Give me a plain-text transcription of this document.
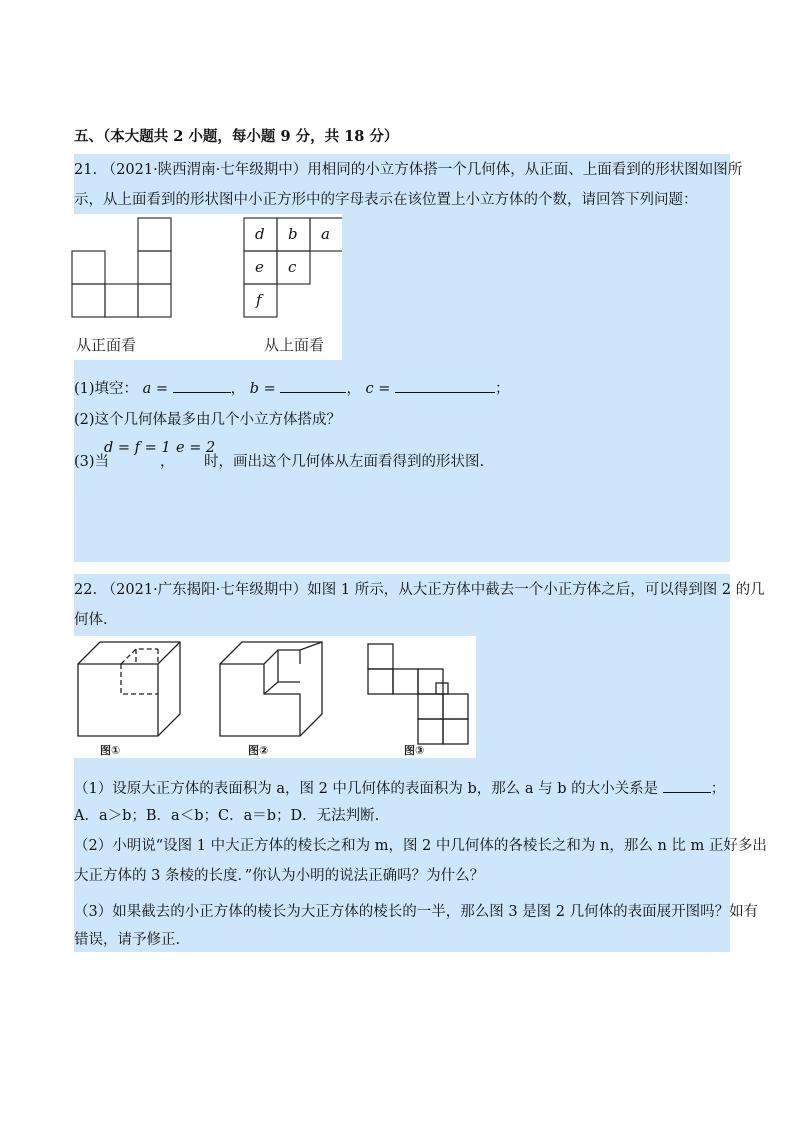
五、（本大题共 2 小题，每小题 9 分，共 18 分）
21. （2021·陕西渭南·七年级期中）用相同的小立方体搭一个几何体，从正面、上面看到的形状图如图所
示，从上面看到的形状图中小正方形中的字母表示在该位置上小立方体的个数，请回答下列问题：
d b a
e c
f
从正面看	从上面看
(1)填空： a =	， b =	， c =	；
(2)这个几何体最多由几个小立方体搭成？
(3)当
d = f = 1
，
e = 2
时，画出这个几何体从左面看得到的形状图.
22. （2021·广东揭阳·七年级期中）如图 1 所示，从大正方体中截去一个小正方体之后，可以得到图 2 的几
何体.
图①	图②	图③
（1）设原大正方体的表面积为 a，图 2 中几何体的表面积为 b，那么 a 与 b 的大小关系是	；
A．a＞b；B．a＜b；C．a＝b；D．无法判断.
（2）小明说“设图 1 中大正方体的棱长之和为 m，图 2 中几何体的各棱长之和为 n，那么 n 比 m 正好多出
大正方体的 3 条棱的长度．”你认为小明的说法正确吗？为什么？
（3）如果截去的小正方体的棱长为大正方体的棱长的一半，那么图 3 是图 2 几何体的表面展开图吗？如有
错误，请予修正.
